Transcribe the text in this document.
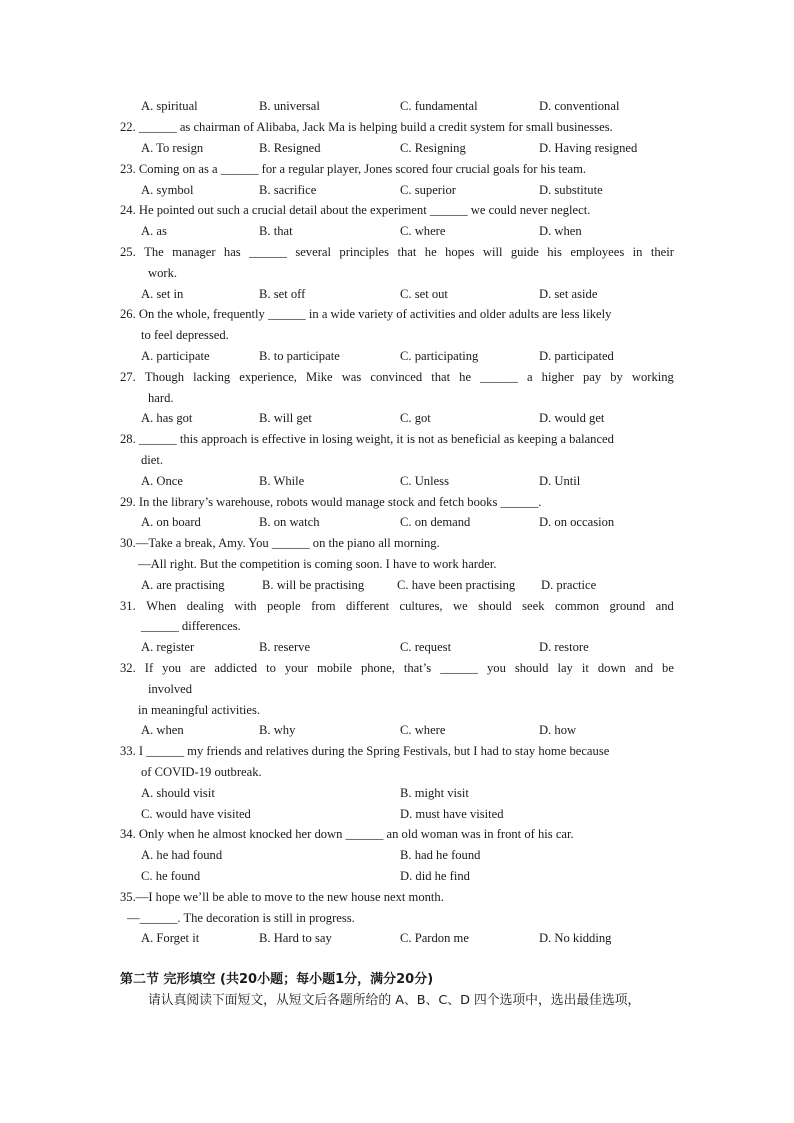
A. spiritual	B. universal	C. fundamental	D. conventional
22. ______ as chairman of Alibaba, Jack Ma is helping build a credit system for small businesses.
A. To resign	B. Resigned	C. Resigning	D. Having resigned
23. Coming on as a ______ for a regular player, Jones scored four crucial goals for his team.
A. symbol	B. sacrifice	C. superior	D. substitute
24. He pointed out such a crucial detail about the experiment ______ we could never neglect.
A. as	B. that	C. where	D. when
25. The manager has ______ several principles that he hopes will guide his employees in their
work.
A. set in	B. set off	C. set out	D. set aside
26. On the whole, frequently ______ in a wide variety of activities and older adults are less likely
to feel depressed.
A. participate	B. to participate	C. participating	D. participated
27. Though lacking experience, Mike was convinced that he ______ a higher pay by working
hard.
A. has got	B. will get	C. got	D. would get
28. ______ this approach is effective in losing weight, it is not as beneficial as keeping a balanced
diet.
A. Once	B. While	C. Unless	D. Until
29. In the library’s warehouse, robots would manage stock and fetch books ______.
A. on board	B. on watch	C. on demand	D. on occasion
30.—Take a break, Amy. You ______ on the piano all morning.
—All right. But the competition is coming soon. I have to work harder.
A. are practising	B. will be practising	C. have been practising D. practice
31. When dealing with people from different cultures, we should seek common ground and
______ differences.
A. register	B. reserve	C. request	D. restore
32. If you are addicted to your mobile phone, that’s ______ you should lay it down and be
involved
in meaningful activities.
A. when	B. why	C. where	D. how
33. I ______ my friends and relatives during the Spring Festivals, but I had to stay home because
of COVID-19 outbreak.
A. should visit	B. might visit
C. would have visited	D. must have visited
34. Only when he almost knocked her down ______ an old woman was in front of his car.
A. he had found	B. had he found
C. he found	D. did he find
35.—I hope we’ll be able to move to the new house next month.
—______. The decoration is still in progress.
A. Forget it	B. Hard to say	C. Pardon me	D. No kidding
第二节 完形填空 (共20小题；每小题1分，满分20分)
请认真阅读下面短文，从短文后各题所给的 A、B、C、D 四个选项中，选出最佳选项，
